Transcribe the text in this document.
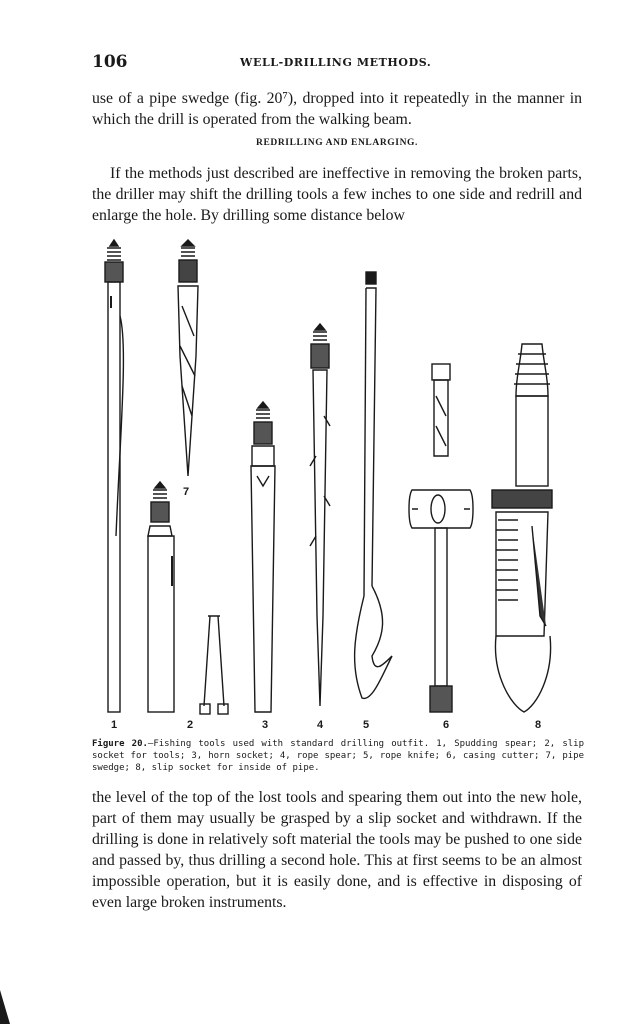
106	WELL-DRILLING METHODS.

use of a pipe swedge (fig. 20⁷), dropped into it repeatedly in the manner in which the drill is operated from the walking beam.

REDRILLING AND ENLARGING.

If the methods just described are ineffective in removing the broken parts, the driller may shift the drilling tools a few inches to one side and redrill and enlarge the hole. By drilling some distance below

1	2	3	4	5	6	8
7

Figure 20.—Fishing tools used with standard drilling outfit. 1, Spudding spear; 2, slip socket for tools; 3, horn socket; 4, rope spear; 5, rope knife; 6, casing cutter; 7, pipe swedge; 8, slip socket for inside of pipe.

the level of the top of the lost tools and spearing them out into the new hole, part of them may usually be grasped by a slip socket and withdrawn. If the drilling is done in relatively soft material the tools may be pushed to one side and passed by, thus drilling a second hole. This at first seems to be an almost impossible operation, but it is easily done, and is effective in disposing of even large broken instruments.
